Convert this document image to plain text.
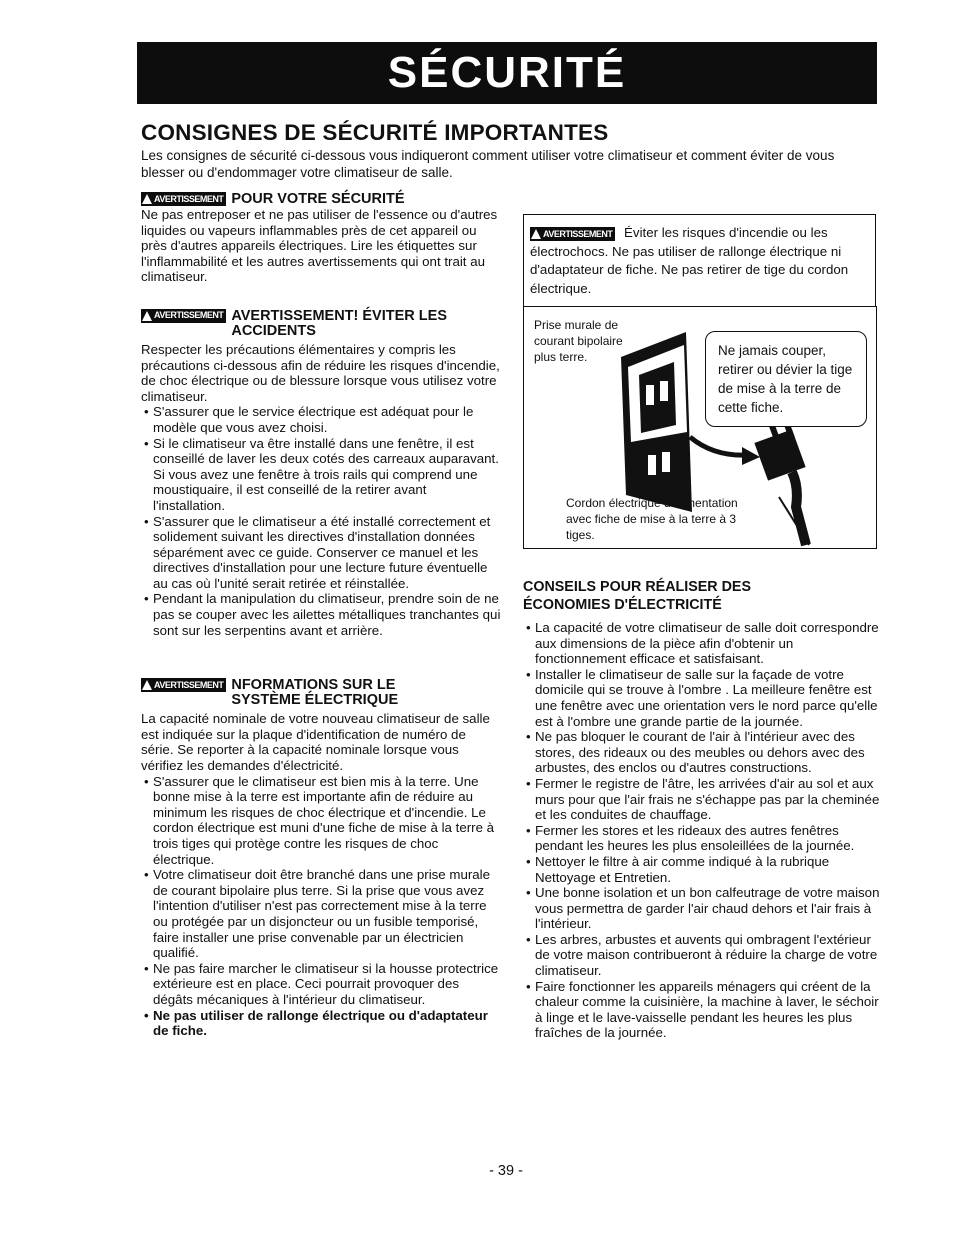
SÉCURITÉ
CONSIGNES DE SÉCURITÉ IMPORTANTES

Les consignes de sécurité ci-dessous vous indiqueront comment utiliser votre climatiseur et comment éviter de vous blesser ou d'endommager votre climatiseur de salle.

AVERTISSEMENT POUR VOTRE SÉCURITÉ

Ne pas entreposer et ne pas utiliser de l'essence ou d'autres liquides ou vapeurs inflammables près de cet appareil ou près d'autres appareils électriques. Lire les étiquettes sur l'inflammabilité et les autres avertissements qui ont trait au climatiseur.

AVERTISSEMENT AVERTISSEMENT! ÉVITER LES ACCIDENTS

Respecter les précautions élémentaires y compris les précautions ci-dessous afin de réduire les risques d'incendie, de choc électrique ou de blessure lorsque vous utilisez votre climatiseur.

• S'assurer que le service électrique est adéquat pour le modèle que vous avez choisi.
• Si le climatiseur va être installé dans une fenêtre, il est conseillé de laver les deux cotés des carreaux auparavant. Si vous avez une fenêtre à trois rails qui comprend une moustiquaire, il est conseillé de la retirer avant l'installation.
• S'assurer que le climatiseur a été installé correctement et solidement suivant les directives d'installation données séparément avec ce guide. Conserver ce manuel et les directives d'installation pour une lecture future éventuelle au cas où l'unité serait retirée et réinstallée.
• Pendant la manipulation du climatiseur, prendre soin de ne pas se couper avec les ailettes métalliques tranchantes qui sont sur les serpentins avant et arrière.
AVERTISSEMENT NFORMATIONS SUR LE SYSTÈME ÉLECTRIQUE

La capacité nominale de votre nouveau climatiseur de salle est indiquée sur la plaque d'identification de numéro de série. Se reporter à la capacité nominale lorsque vous vérifiez les demandes d'électricité.

• S'assurer que le climatiseur est bien mis à la terre. Une bonne mise à la terre est importante afin de réduire au minimum les risques de choc électrique et d'incendie. Le cordon électrique est muni d'une fiche de mise à la terre à trois tiges qui protège contre les risques de choc électrique.
• Votre climatiseur doit être branché dans une prise murale de courant bipolaire plus terre. Si la prise que vous avez l'intention d'utiliser n'est pas correctement mise à la terre ou protégée par un disjoncteur ou un fusible temporisé, faire installer une prise convenable par un électricien qualifié.
• Ne pas faire marcher le climatiseur si la housse protectrice extérieure est en place. Ceci pourrait provoquer des dégâts mécaniques à l'intérieur du climatiseur.
• Ne pas utiliser de rallonge électrique ou d'adaptateur de fiche.
AVERTISSEMENT Éviter les risques d'incendie ou les électrochocs. Ne pas utiliser de rallonge électrique ni d'adaptateur de fiche. Ne pas retirer de tige du cordon électrique.
Prise murale de courant bipolaire plus terre.
Cordon électrique d'alimentation avec fiche de mise à la terre à 3 tiges.
Ne jamais couper, retirer ou dévier la tige de mise à la terre de cette fiche.
CONSEILS POUR RÉALISER DES ÉCONOMIES D'ÉLECTRICITÉ
• La capacité de votre climatiseur de salle doit correspondre aux dimensions de la pièce afin d'obtenir un fonctionnement efficace et satisfaisant.
• Installer le climatiseur de salle sur la façade de votre domicile qui se trouve à l'ombre . La meilleure fenêtre est une fenêtre avec une orientation vers le nord parce qu'elle est à l'ombre une grande partie de la journée.
• Ne pas bloquer le courant de l'air à l'intérieur avec des stores, des rideaux ou des meubles ou dehors avec des arbustes, des enclos ou d'autres constructions.
• Fermer le registre de l'âtre, les arrivées d'air au sol et aux murs pour que l'air frais ne s'échappe pas par la cheminée et les conduites de chauffage.
• Fermer les stores et les rideaux des autres fenêtres pendant les heures les plus ensoleillées de la journée.
• Nettoyer le filtre à air comme indiqué à la rubrique Nettoyage et Entretien.
• Une bonne isolation et un bon calfeutrage de votre maison vous permettra de garder l'air chaud dehors et l'air frais à l'intérieur.
• Les arbres, arbustes et auvents qui ombragent l'extérieur de votre maison contribueront à réduire la charge de votre climatiseur.
• Faire fonctionner les appareils ménagers qui créent de la chaleur comme la cuisinière, la machine à laver, le séchoir à linge et le lave-vaisselle pendant les heures les plus fraîches de la journée.
- 39 -
